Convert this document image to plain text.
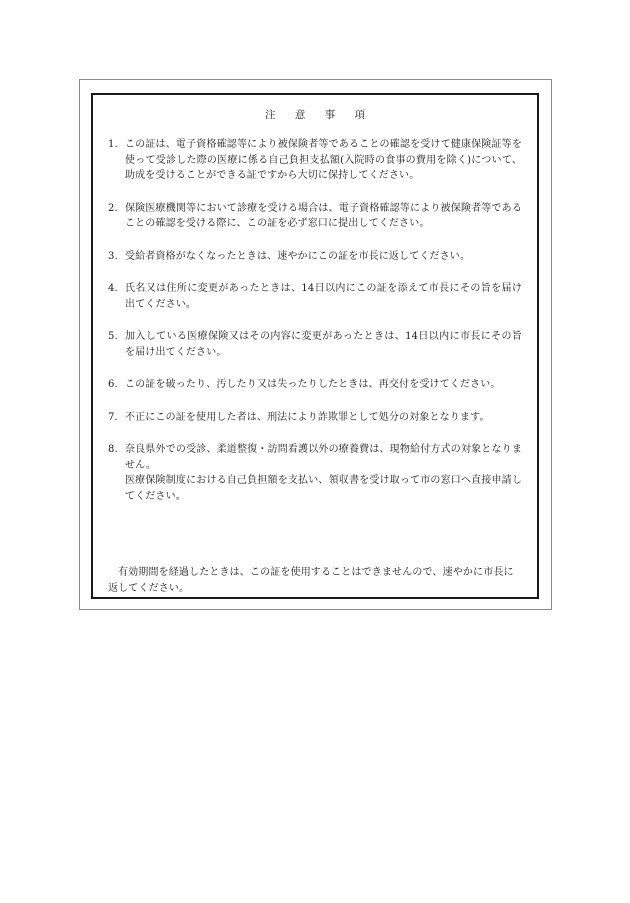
注 意 事 項
1. この証は、電子資格確認等により被保険者等であることの確認を受けて健康保険証等を使って受診した際の医療に係る自己負担支払額(入院時の食事の費用を除く)について、助成を受けることができる証ですから大切に保持してください。
2. 保険医療機関等において診療を受ける場合は、電子資格確認等により被保険者等であることの確認を受ける際に、この証を必ず窓口に提出してください。
3. 受給者資格がなくなったときは、速やかにこの証を市長に返してください。
4. 氏名又は住所に変更があったときは、14日以内にこの証を添えて市長にその旨を届け出てください。
5. 加入している医療保険又はその内容に変更があったときは、14日以内に市長にその旨を届け出てください。
6. この証を破ったり、汚したり又は失ったりしたときは、再交付を受けてください。
7. 不正にこの証を使用した者は、刑法により詐欺罪として処分の対象となります。
8. 奈良県外での受診、柔道整復・訪問看護以外の療養費は、現物給付方式の対象となりません。
医療保険制度における自己負担額を支払い、領収書を受け取って市の窓口へ直接申請してください。

有効期間を経過したときは、この証を使用することはできませんので、速やかに市長に返してください。
